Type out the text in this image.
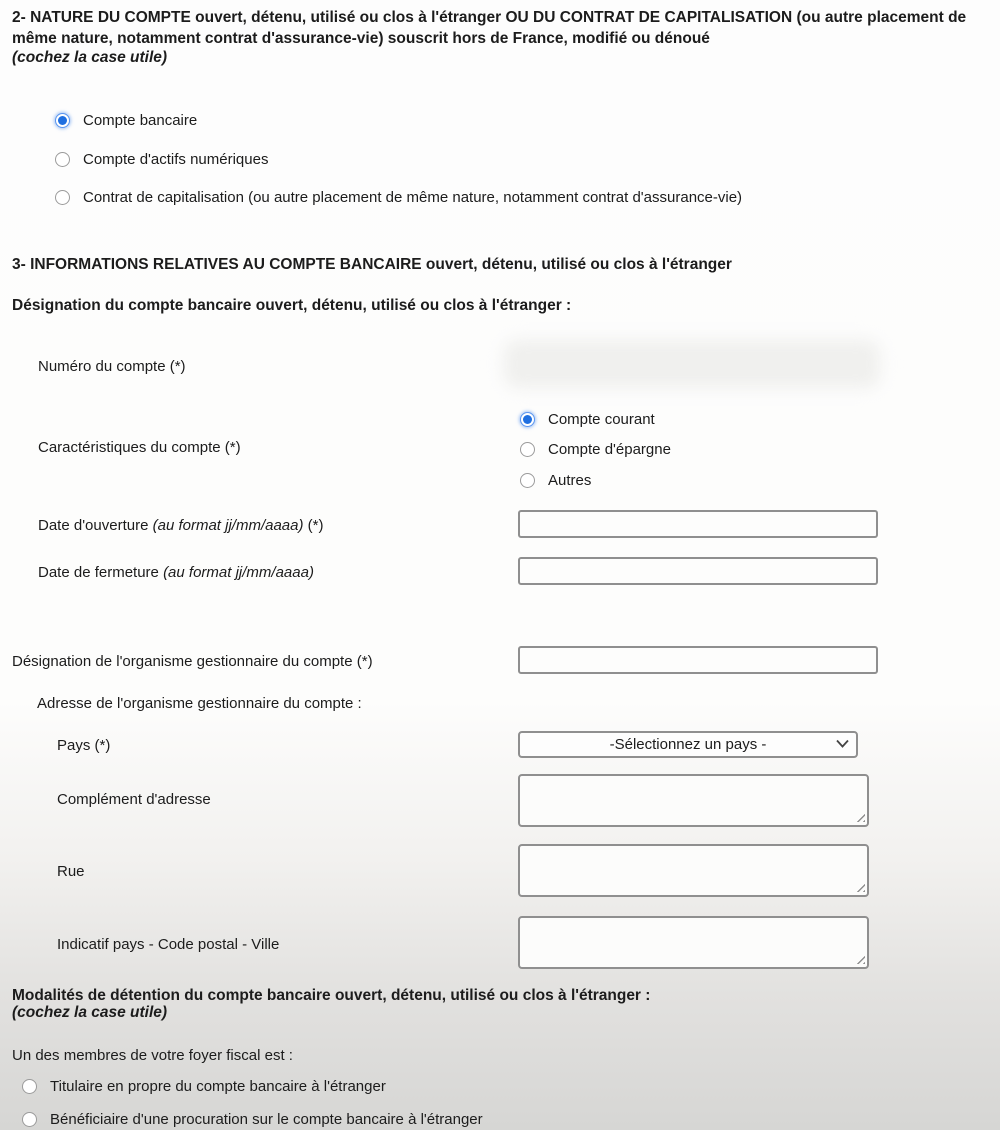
2- NATURE DU COMPTE ouvert, détenu, utilisé ou clos à l'étranger OU DU CONTRAT DE CAPITALISATION (ou autre placement de même nature, notamment contrat d'assurance-vie) souscrit hors de France, modifié ou dénoué
(cochez la case utile)
Compte bancaire
Compte d'actifs numériques
Contrat de capitalisation (ou autre placement de même nature, notamment contrat d'assurance-vie)
3- INFORMATIONS RELATIVES AU COMPTE BANCAIRE ouvert, détenu, utilisé ou clos à l'étranger
Désignation du compte bancaire ouvert, détenu, utilisé ou clos à l'étranger :
Numéro du compte (*)
Caractéristiques du compte (*)
Compte courant
Compte d'épargne
Autres
Date d'ouverture (au format jj/mm/aaaa) (*)
Date de fermeture (au format jj/mm/aaaa)
Désignation de l'organisme gestionnaire du compte (*)
Adresse de l'organisme gestionnaire du compte :
Pays (*)	-Sélectionnez un pays -
Complément d'adresse
Rue
Indicatif pays - Code postal - Ville
Modalités de détention du compte bancaire ouvert, détenu, utilisé ou clos à l'étranger :
(cochez la case utile)
Un des membres de votre foyer fiscal est :
Titulaire en propre du compte bancaire à l'étranger
Bénéficiaire d'une procuration sur le compte bancaire à l'étranger
